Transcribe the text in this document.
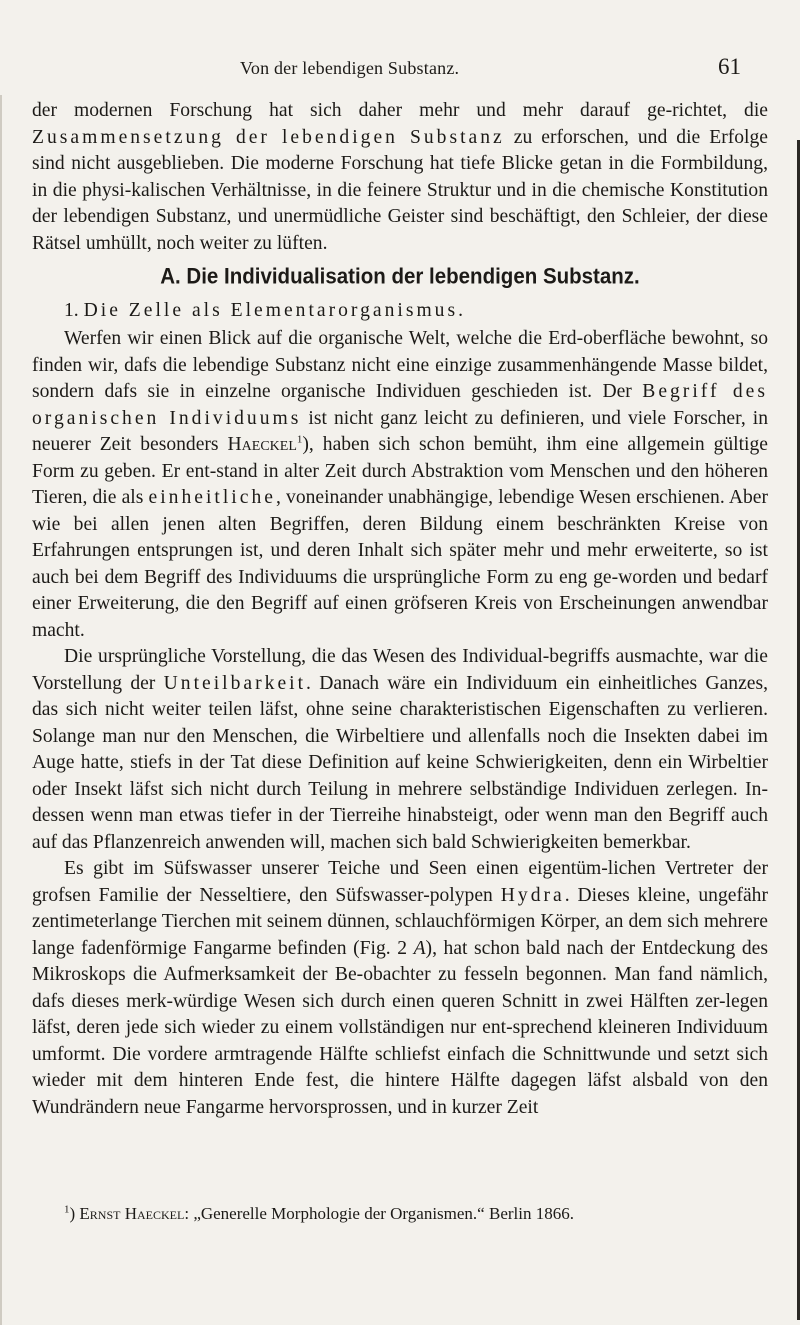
Von der lebendigen Substanz.	61

der modernen Forschung hat sich daher mehr und mehr darauf ge-richtet, die Zusammensetzung der lebendigen Substanz zu erforschen, und die Erfolge sind nicht ausgeblieben. Die moderne Forschung hat tiefe Blicke getan in die Formbildung, in die physi-kalischen Verhältnisse, in die feinere Struktur und in die chemische Konstitution der lebendigen Substanz, und unermüdliche Geister sind beschäftigt, den Schleier, der diese Rätsel umhüllt, noch weiter zu lüften.

A. Die Individualisation der lebendigen Substanz.
1. Die Zelle als Elementarorganismus.

Werfen wir einen Blick auf die organische Welt, welche die Erd-oberfläche bewohnt, so finden wir, dafs die lebendige Substanz nicht eine einzige zusammenhängende Masse bildet, sondern dafs sie in einzelne organische Individuen geschieden ist. Der Begriff des organischen Individuums ist nicht ganz leicht zu definieren, und viele Forscher, in neuerer Zeit besonders Haeckel$^1$), haben sich schon bemüht, ihm eine allgemein gültige Form zu geben. Er ent-stand in alter Zeit durch Abstraktion vom Menschen und den höheren Tieren, die als einheitliche, voneinander unabhängige, lebendige Wesen erschienen. Aber wie bei allen jenen alten Begriffen, deren Bildung einem beschränkten Kreise von Erfahrungen entsprungen ist, und deren Inhalt sich später mehr und mehr erweiterte, so ist auch bei dem Begriff des Individuums die ursprüngliche Form zu eng ge-worden und bedarf einer Erweiterung, die den Begriff auf einen gröfseren Kreis von Erscheinungen anwendbar macht.

Die ursprüngliche Vorstellung, die das Wesen des Individual-begriffs ausmachte, war die Vorstellung der Unteilbarkeit. Danach wäre ein Individuum ein einheitliches Ganzes, das sich nicht weiter teilen läfst, ohne seine charakteristischen Eigenschaften zu verlieren. Solange man nur den Menschen, die Wirbeltiere und allenfalls noch die Insekten dabei im Auge hatte, stiefs in der Tat diese Definition auf keine Schwierigkeiten, denn ein Wirbeltier oder Insekt läfst sich nicht durch Teilung in mehrere selbständige Individuen zerlegen. In-dessen wenn man etwas tiefer in der Tierreihe hinabsteigt, oder wenn man den Begriff auch auf das Pflanzenreich anwenden will, machen sich bald Schwierigkeiten bemerkbar.

Es gibt im Süfswasser unserer Teiche und Seen einen eigentüm-lichen Vertreter der grofsen Familie der Nesseltiere, den Süfswasser-polypen Hydra. Dieses kleine, ungefähr zentimeterlange Tierchen mit seinem dünnen, schlauchförmigen Körper, an dem sich mehrere lange fadenförmige Fangarme befinden (Fig. 2 A), hat schon bald nach der Entdeckung des Mikroskops die Aufmerksamkeit der Be-obachter zu fesseln begonnen. Man fand nämlich, dafs dieses merk-würdige Wesen sich durch einen queren Schnitt in zwei Hälften zer-legen läfst, deren jede sich wieder zu einem vollständigen nur ent-sprechend kleineren Individuum umformt. Die vordere armtragende Hälfte schliefst einfach die Schnittwunde und setzt sich wieder mit dem hinteren Ende fest, die hintere Hälfte dagegen läfst alsbald von den Wundrändern neue Fangarme hervorsprossen, und in kurzer Zeit

$^1$) Ernst Haeckel: „Generelle Morphologie der Organismen.“ Berlin 1866.
